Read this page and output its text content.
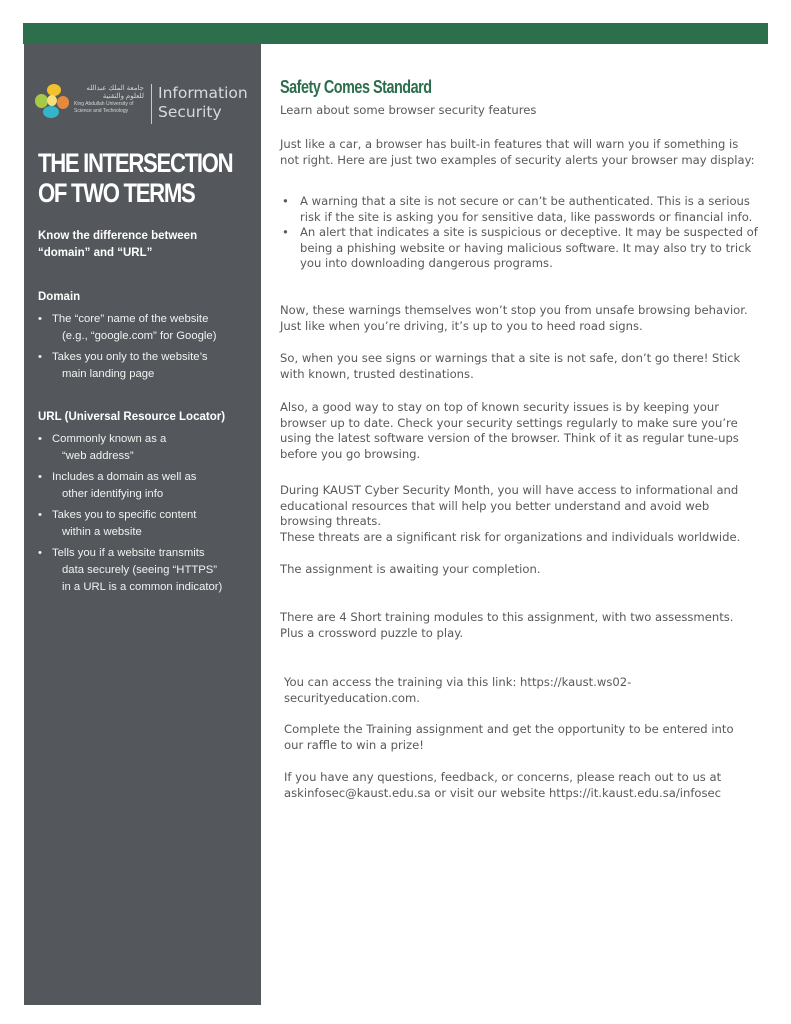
جامعة الملك عبدالله للعلوم والتقنية
King Abdullah University of
Science and Technology
Information
Security
THE INTERSECTION
OF TWO TERMS
Know the difference between
“domain” and “URL”
Domain
• The “core” name of the website
(e.g., “google.com” for Google)
• Takes you only to the website’s
main landing page
URL (Universal Resource Locator)
• Commonly known as a
“web address”
• Includes a domain as well as
other identifying info
• Takes you to specific content
within a website
• Tells you if a website transmits
data securely (seeing “HTTPS”
in a URL is a common indicator)
Safety Comes Standard

Learn about some browser security features

Just like a car, a browser has built-in features that will warn you if something is not right. Here are just two examples of security alerts your browser may display:

• A warning that a site is not secure or can’t be authenticated. This is a serious risk if the site is asking you for sensitive data, like passwords or financial info.
• An alert that indicates a site is suspicious or deceptive. It may be suspected of being a phishing website or having malicious software. It may also try to trick you into downloading dangerous programs.

Now, these warnings themselves won’t stop you from unsafe browsing behavior. Just like when you’re driving, it’s up to you to heed road signs.

So, when you see signs or warnings that a site is not safe, don’t go there! Stick with known, trusted destinations.

Also, a good way to stay on top of known security issues is by keeping your browser up to date. Check your security settings regularly to make sure you’re using the latest software version of the browser. Think of it as regular tune-ups before you go browsing.

During KAUST Cyber Security Month, you will have access to informational and educational resources that will help you better understand and avoid web browsing threats.

These threats are a significant risk for organizations and individuals worldwide.

The assignment is awaiting your completion.

There are 4 Short training modules to this assignment, with two assessments.
Plus a crossword puzzle to play.
You can access the training via this link: https://kaust.ws02-
securityeducation.com.

Complete the Training assignment and get the opportunity to be entered into our raffle to win a prize!

If you have any questions, feedback, or concerns, please reach out to us at
askinfosec@kaust.edu.sa or visit our website https://it.kaust.edu.sa/infosec
